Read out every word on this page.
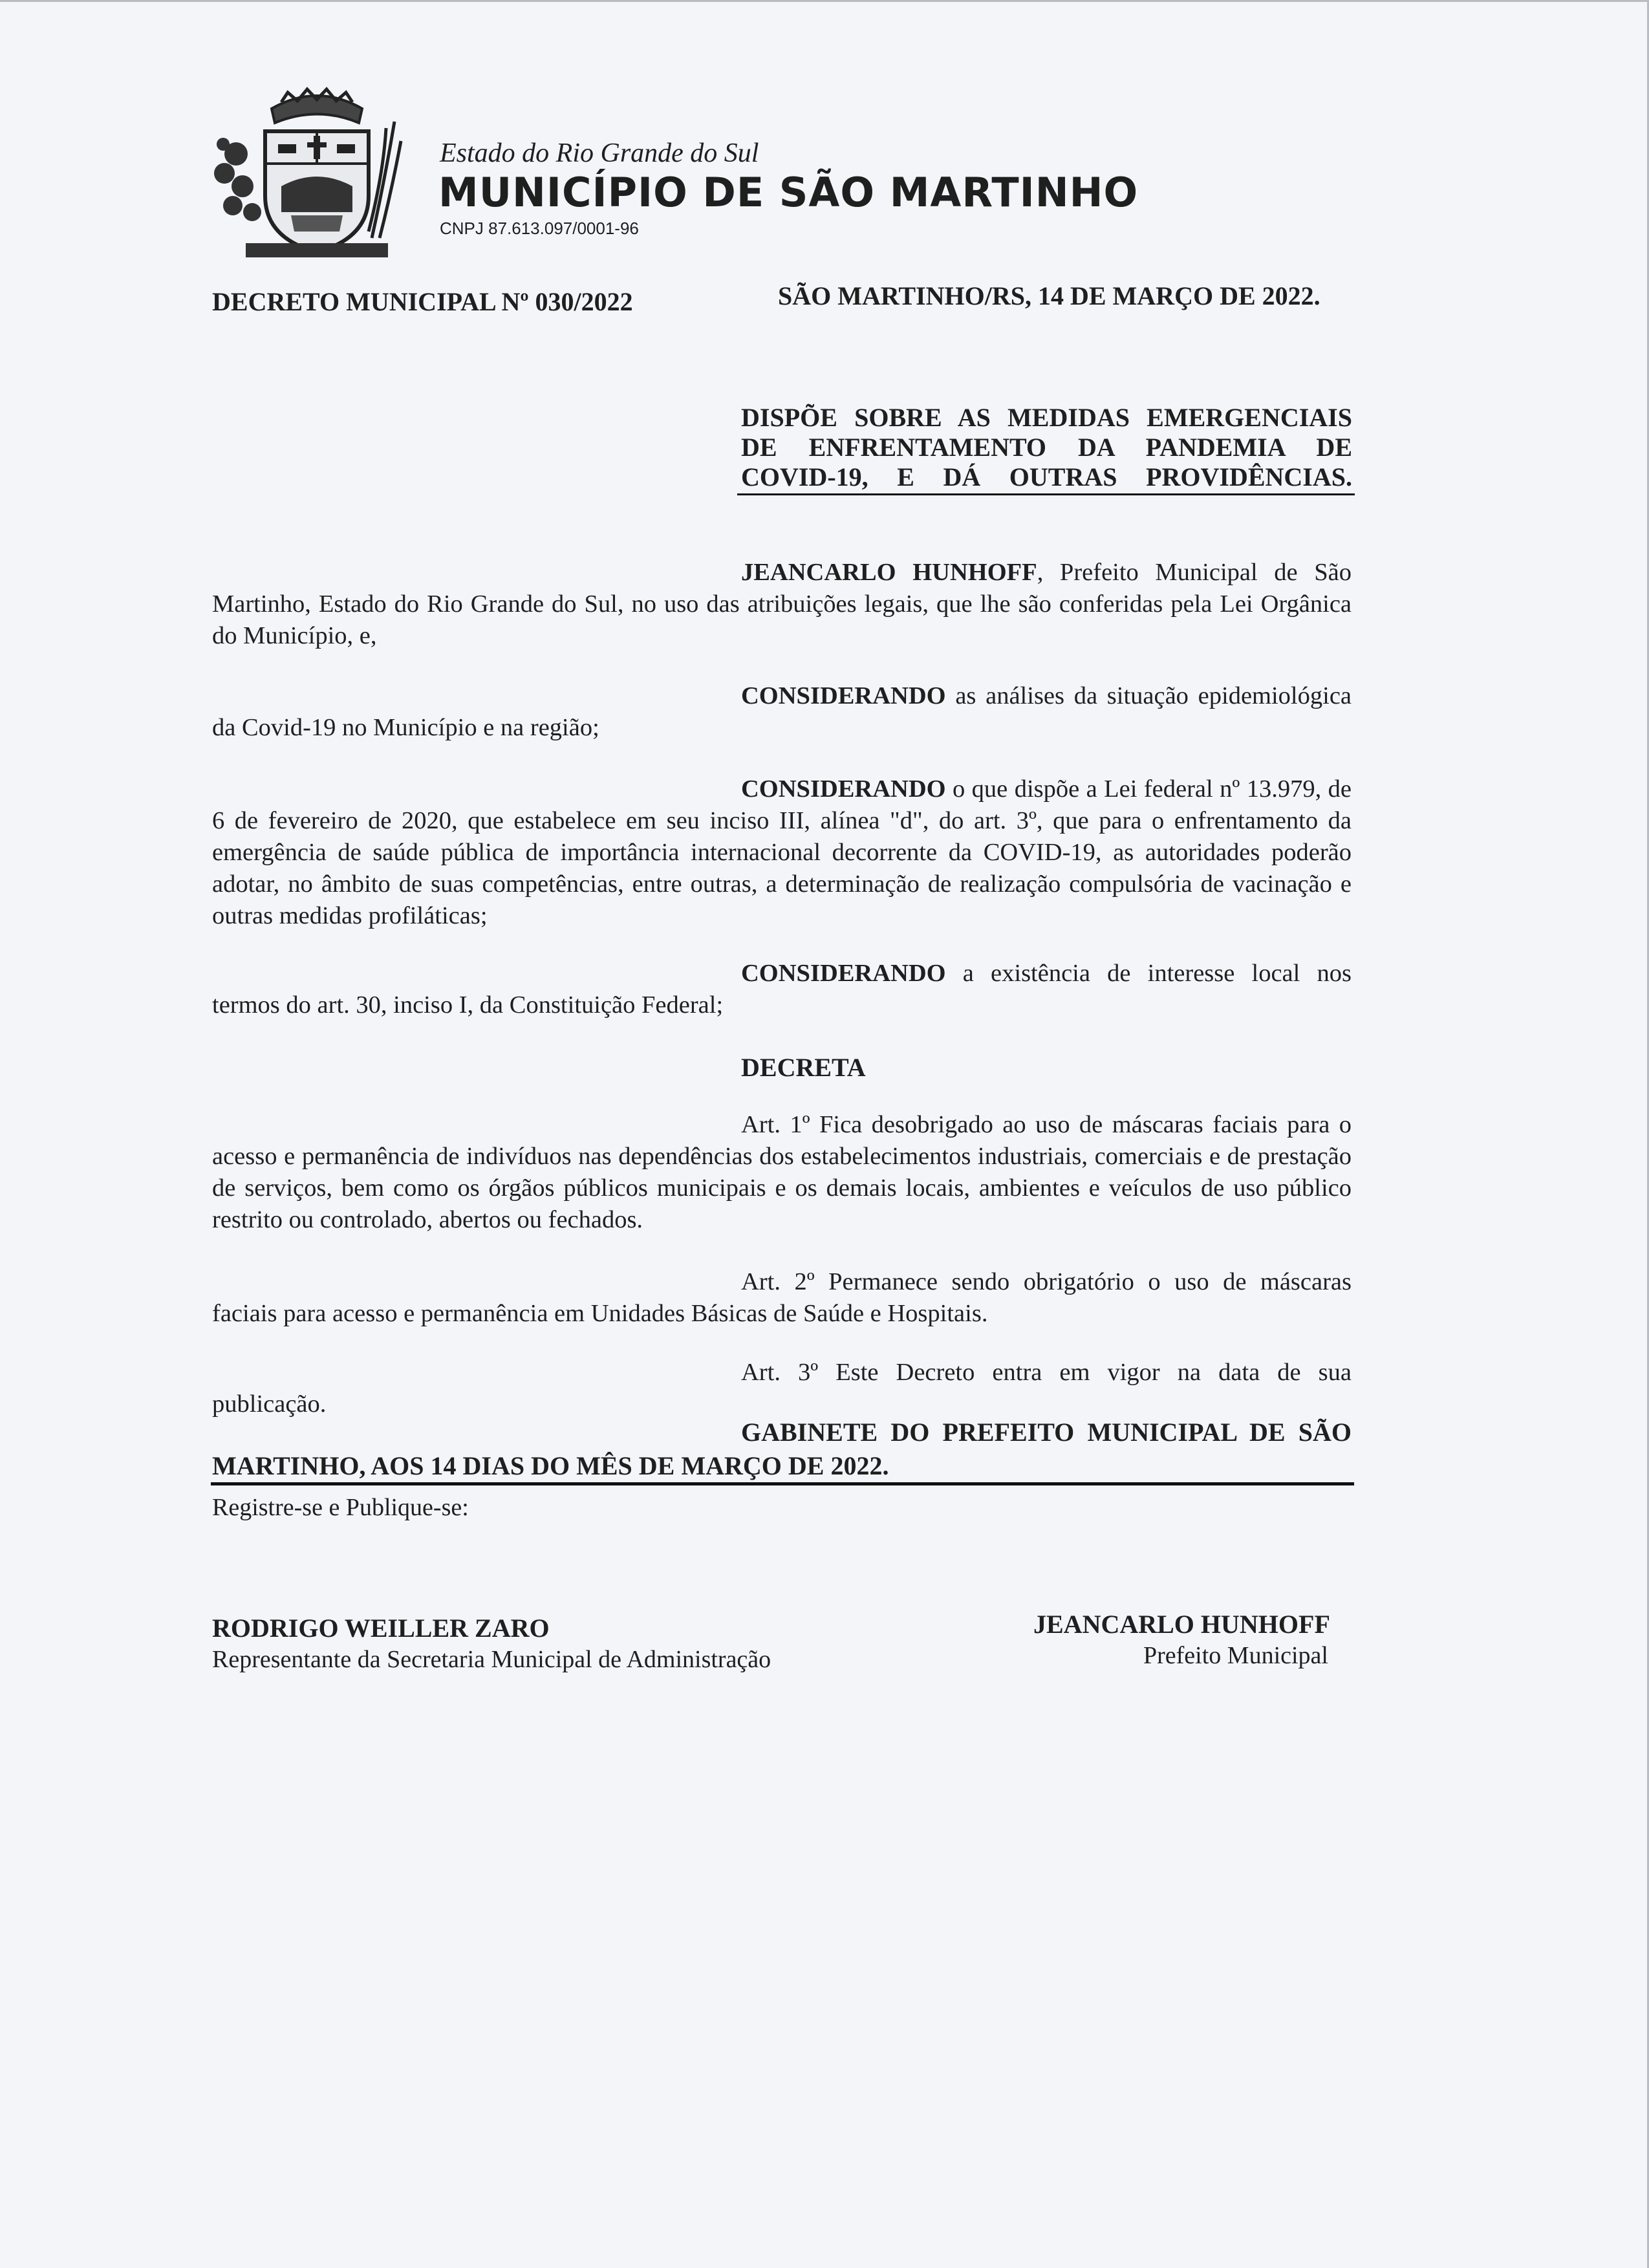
Estado do Rio Grande do Sul
MUNICÍPIO DE SÃO MARTINHO
CNPJ 87.613.097/0001-96
DECRETO MUNICIPAL Nº 030/2022	SÃO MARTINHO/RS, 14 DE MARÇO DE 2022.
DISPÕE SOBRE AS MEDIDAS EMERGENCIAIS DE ENFRENTAMENTO DA PANDEMIA DE COVID-19, E DÁ OUTRAS PROVIDÊNCIAS.
JEANCARLO HUNHOFF, Prefeito Municipal de São Martinho, Estado do Rio Grande do Sul, no uso das atribuições legais, que lhe são conferidas pela Lei Orgânica do Município, e,
CONSIDERANDO as análises da situação epidemiológica da Covid-19 no Município e na região;
CONSIDERANDO o que dispõe a Lei federal nº 13.979, de 6 de fevereiro de 2020, que estabelece em seu inciso III, alínea "d", do art. 3º, que para o enfrentamento da emergência de saúde pública de importância internacional decorrente da COVID-19, as autoridades poderão adotar, no âmbito de suas competências, entre outras, a determinação de realização compulsória de vacinação e outras medidas profiláticas;
CONSIDERANDO a existência de interesse local nos termos do art. 30, inciso I, da Constituição Federal;
DECRETA
Art. 1º Fica desobrigado ao uso de máscaras faciais para o acesso e permanência de indivíduos nas dependências dos estabelecimentos industriais, comerciais e de prestação de serviços, bem como os órgãos públicos municipais e os demais locais, ambientes e veículos de uso público restrito ou controlado, abertos ou fechados.
Art. 2º Permanece sendo obrigatório o uso de máscaras faciais para acesso e permanência em Unidades Básicas de Saúde e Hospitais.
Art. 3º Este Decreto entra em vigor na data de sua publicação.
GABINETE DO PREFEITO MUNICIPAL DE SÃO MARTINHO, AOS 14 DIAS DO MÊS DE MARÇO DE 2022.
Registre-se e Publique-se:
RODRIGO WEILLER ZARO
Representante da Secretaria Municipal de Administração
JEANCARLO HUNHOFF
Prefeito Municipal
